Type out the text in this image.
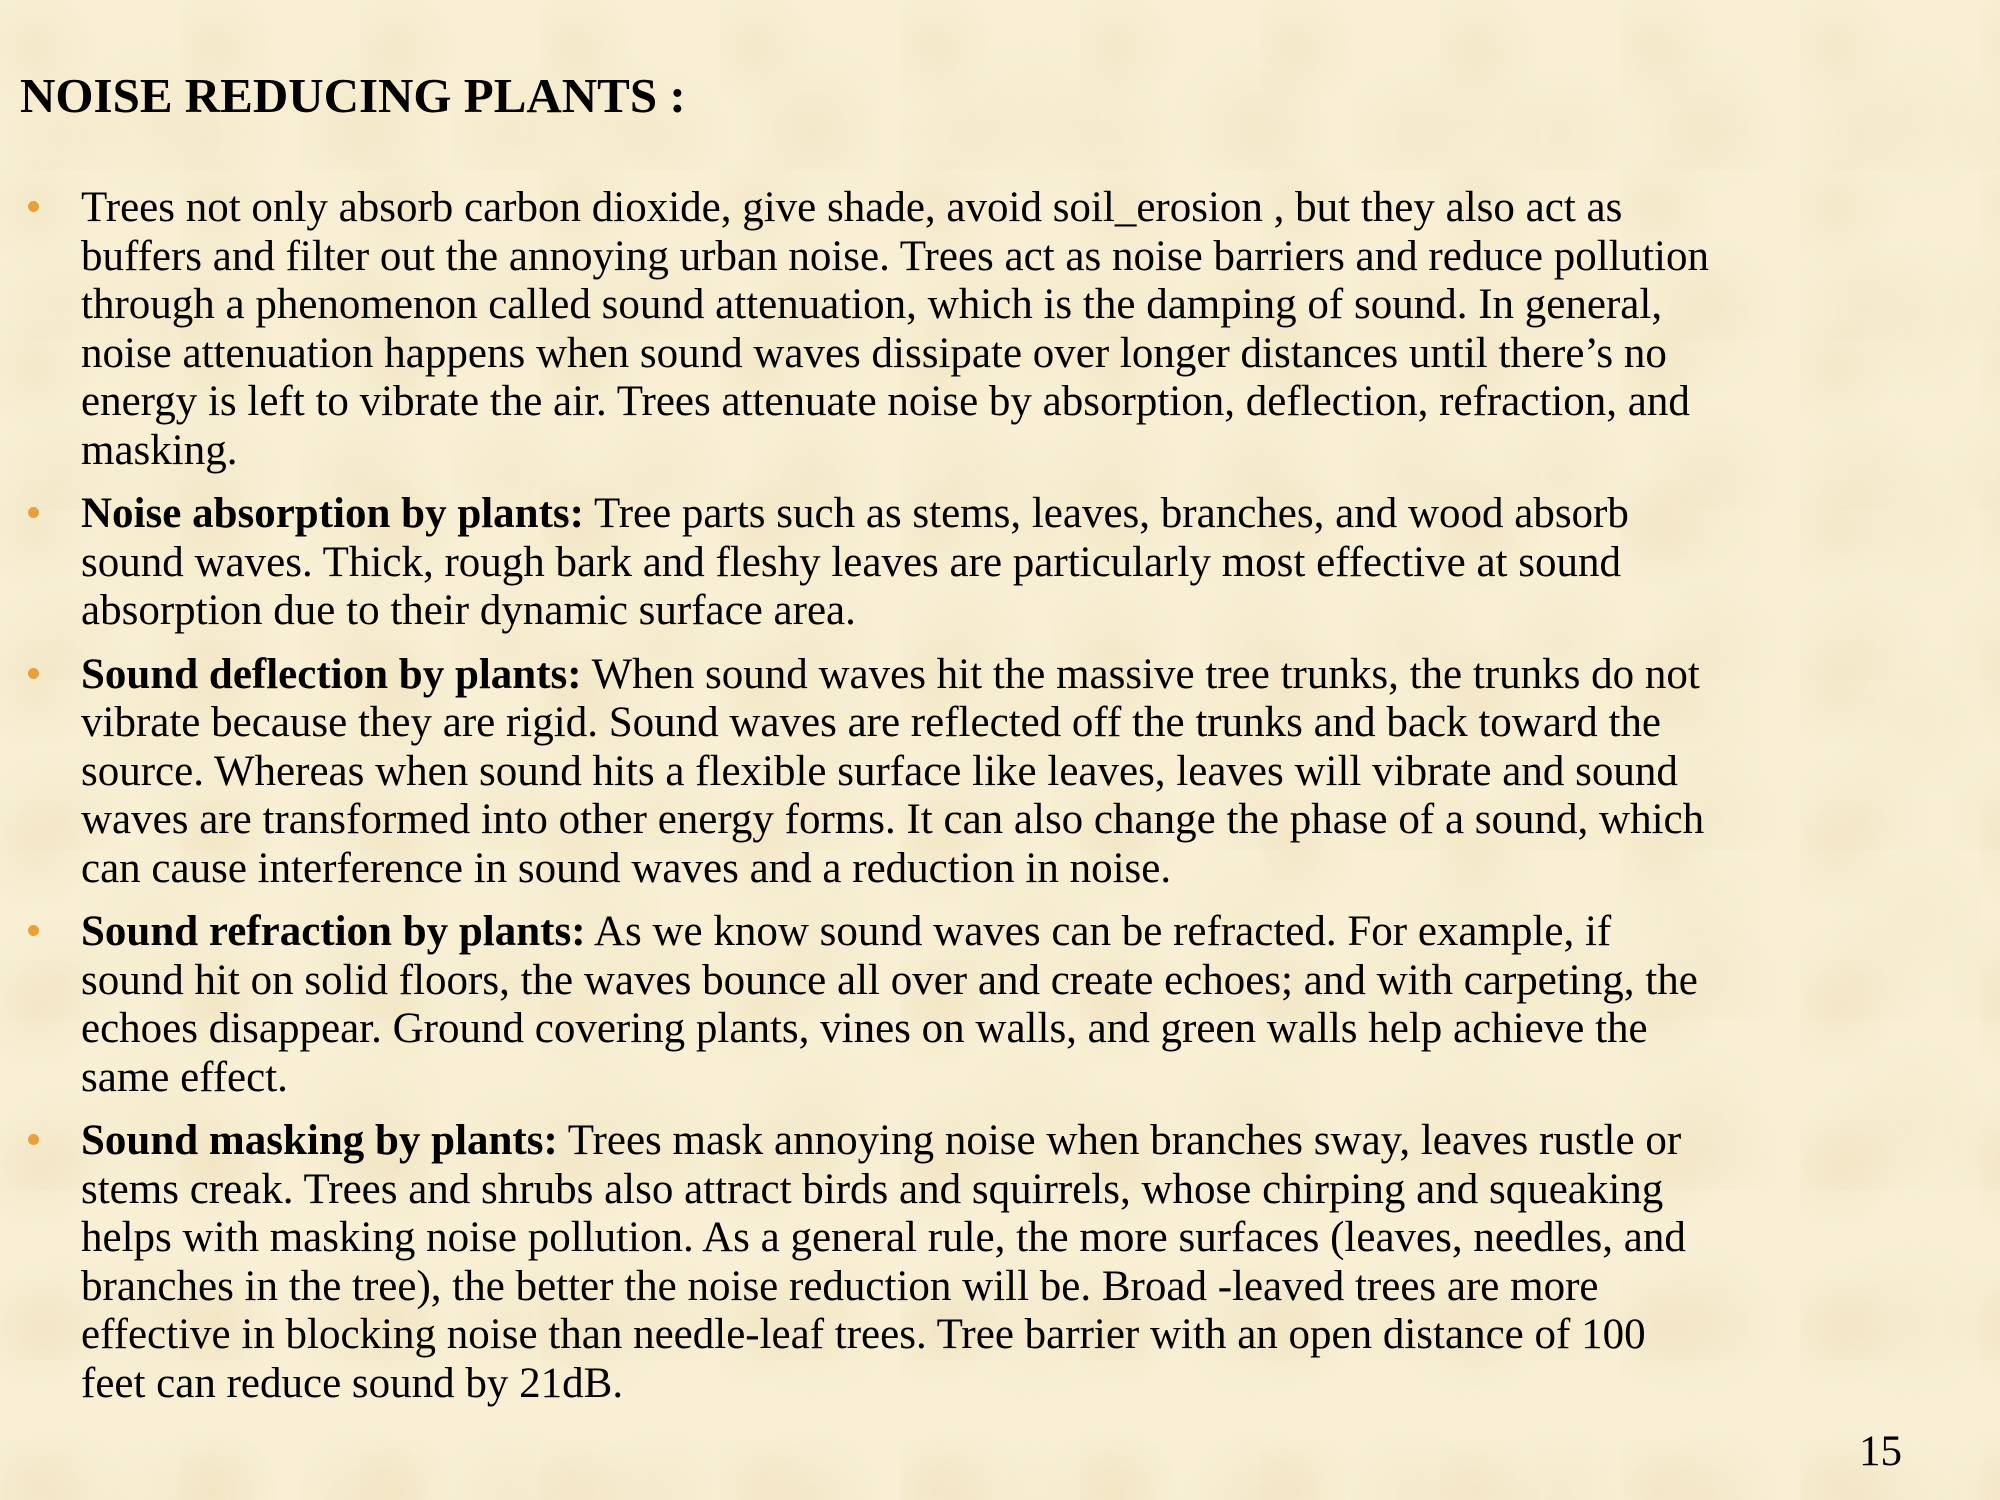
NOISE REDUCING PLANTS :
Trees not only absorb carbon dioxide, give shade, avoid soil_erosion , but they also act as
buffers and filter out the annoying urban noise. Trees act as noise barriers and reduce pollution
through a phenomenon called sound attenuation, which is the damping of sound. In general,
noise attenuation happens when sound waves dissipate over longer distances until there’s no
energy is left to vibrate the air. Trees attenuate noise by absorption, deflection, refraction, and
masking.
Noise absorption by plants: Tree parts such as stems, leaves, branches, and wood absorb
sound waves. Thick, rough bark and fleshy leaves are particularly most effective at sound
absorption due to their dynamic surface area.
Sound deflection by plants: When sound waves hit the massive tree trunks, the trunks do not
vibrate because they are rigid. Sound waves are reflected off the trunks and back toward the
source. Whereas when sound hits a flexible surface like leaves, leaves will vibrate and sound
waves are transformed into other energy forms. It can also change the phase of a sound, which
can cause interference in sound waves and a reduction in noise.
Sound refraction by plants: As we know sound waves can be refracted. For example, if
sound hit on solid floors, the waves bounce all over and create echoes; and with carpeting, the
echoes disappear. Ground covering plants, vines on walls, and green walls help achieve the
same effect.
Sound masking by plants: Trees mask annoying noise when branches sway, leaves rustle or
stems creak. Trees and shrubs also attract birds and squirrels, whose chirping and squeaking
helps with masking noise pollution. As a general rule, the more surfaces (leaves, needles, and
branches in the tree), the better the noise reduction will be. Broad -leaved trees are more
effective in blocking noise than needle-leaf trees. Tree barrier with an open distance of 100
feet can reduce sound by 21dB.
15
